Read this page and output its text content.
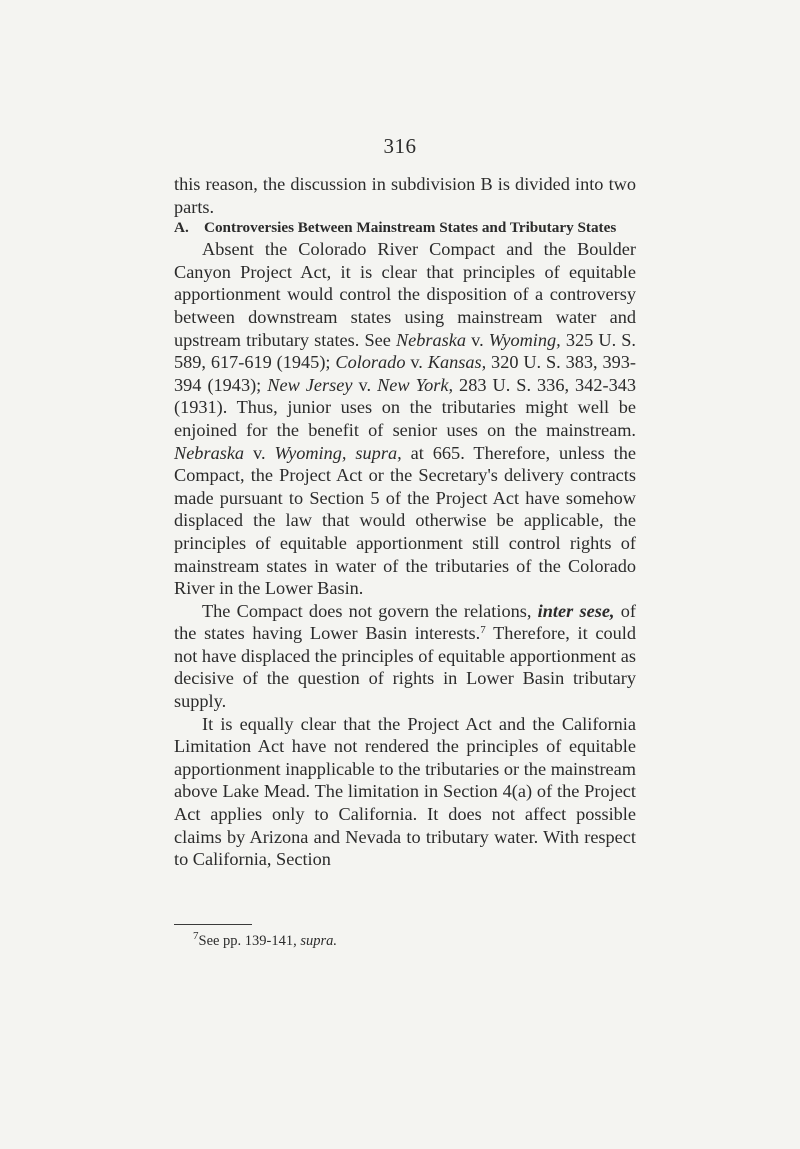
316

this reason, the discussion in subdivision B is divided into two parts.

A. Controversies Between Mainstream States and Tributary States

Absent the Colorado River Compact and the Boulder Canyon Project Act, it is clear that principles of equitable apportionment would control the disposition of a controversy between downstream states using mainstream water and upstream tributary states. See Nebraska v. Wyoming, 325 U. S. 589, 617-619 (1945); Colorado v. Kansas, 320 U. S. 383, 393-394 (1943); New Jersey v. New York, 283 U. S. 336, 342-343 (1931). Thus, junior uses on the tributaries might well be enjoined for the benefit of senior uses on the mainstream. Nebraska v. Wyoming, supra, at 665. Therefore, unless the Compact, the Project Act or the Secretary's delivery contracts made pursuant to Section 5 of the Project Act have somehow displaced the law that would otherwise be applicable, the principles of equitable apportionment still control rights of mainstream states in water of the tributaries of the Colorado River in the Lower Basin.

The Compact does not govern the relations, inter sese, of the states having Lower Basin interests.$^7$ Therefore, it could not have displaced the principles of equitable apportionment as decisive of the question of rights in Lower Basin tributary supply.

It is equally clear that the Project Act and the California Limitation Act have not rendered the principles of equitable apportionment inapplicable to the tributaries or the mainstream above Lake Mead. The limitation in Section 4(a) of the Project Act applies only to California. It does not affect possible claims by Arizona and Nevada to tributary water. With respect to California, Section

$^7$See pp. 139-141, supra.
